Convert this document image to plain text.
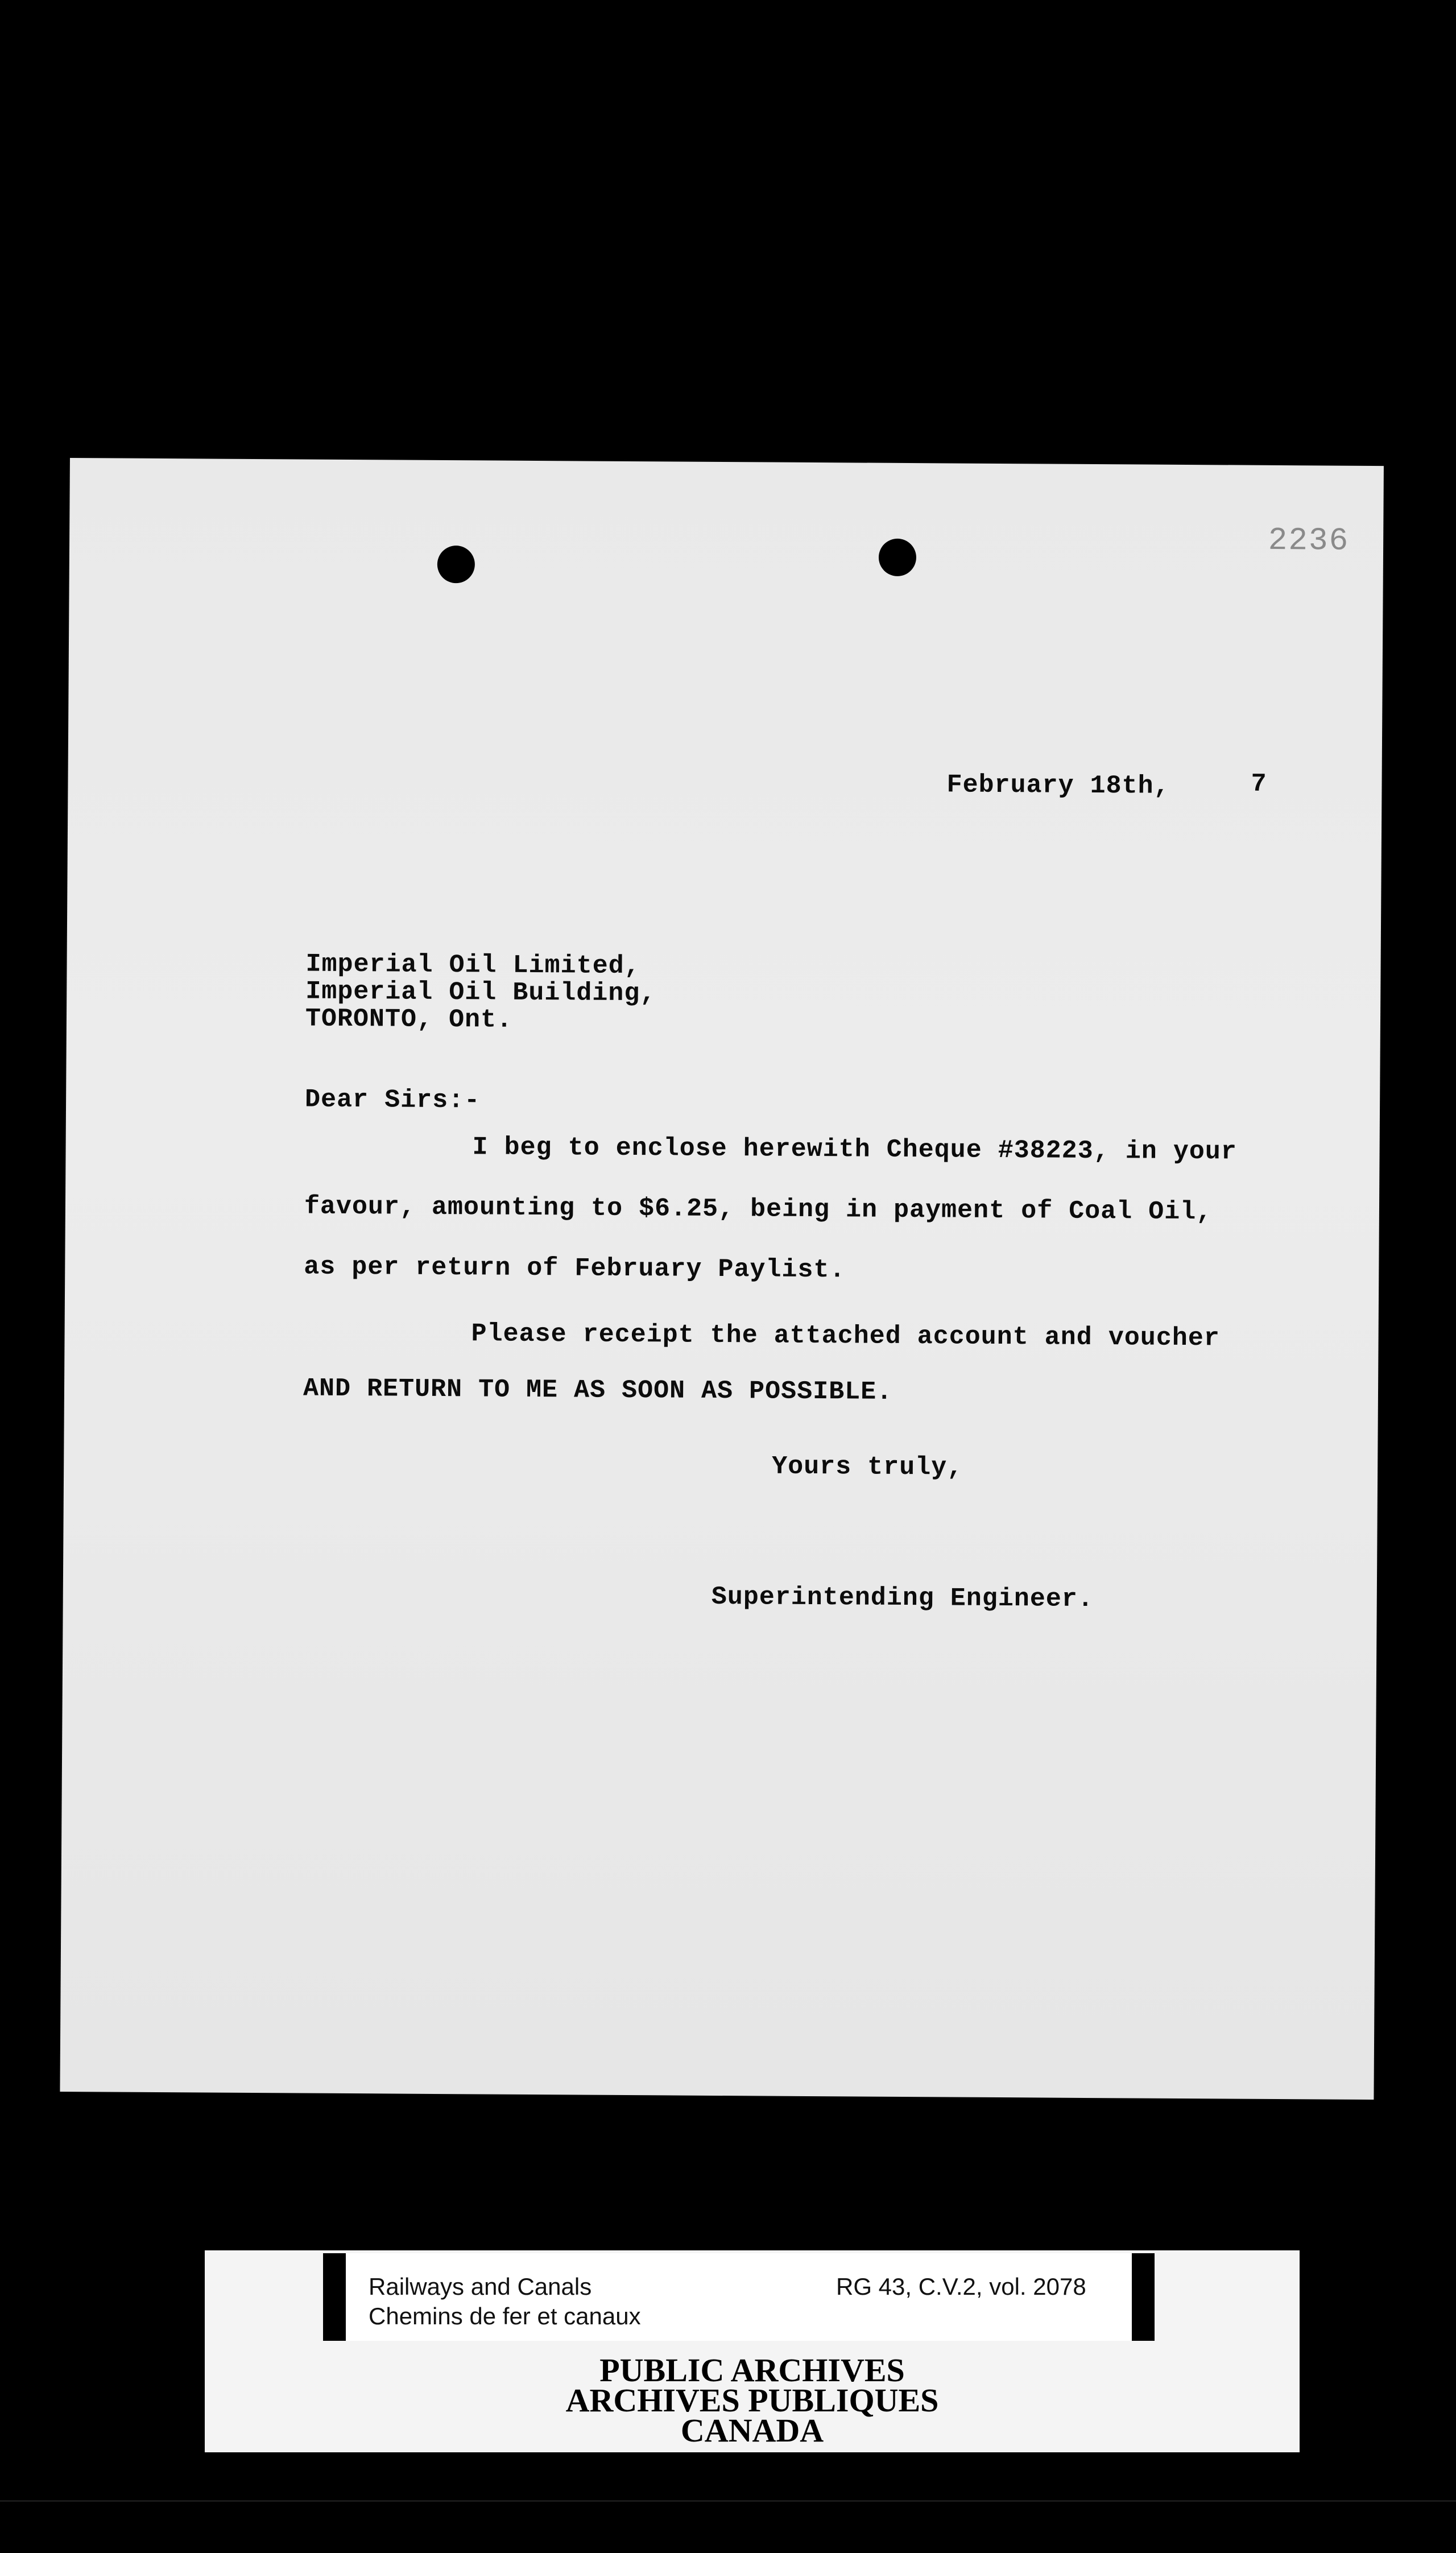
2236
February 18th,	7
Imperial Oil Limited,
Imperial Oil Building,
TORONTO, Ont.
Dear Sirs:-
I beg to enclose herewith Cheque #38223, in your
favour, amounting to $6.25, being in payment of Coal Oil,
as per return of February Paylist.
Please receipt the attached account and voucher
AND RETURN TO ME AS SOON AS POSSIBLE.
Yours truly,
Superintending Engineer.
Railways and Canals
Chemins de fer et canaux
RG 43, C.V.2, vol. 2078
PUBLIC ARCHIVES
ARCHIVES PUBLIQUES
CANADA
